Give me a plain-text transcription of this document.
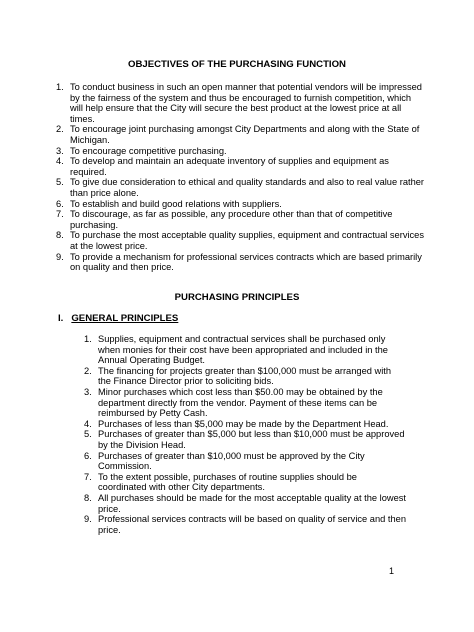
OBJECTIVES OF THE PURCHASING FUNCTION
1. To conduct business in such an open manner that potential vendors will be impressed by the fairness of the system and thus be encouraged to furnish competition, which will help ensure that the City will secure the best product at the lowest price at all times.
2. To encourage joint purchasing amongst City Departments and along with the State of Michigan.
3. To encourage competitive purchasing.
4. To develop and maintain an adequate inventory of supplies and equipment as required.
5. To give due consideration to ethical and quality standards and also to real value rather than price alone.
6. To establish and build good relations with suppliers.
7. To discourage, as far as possible, any procedure other than that of competitive purchasing.
8. To purchase the most acceptable quality supplies, equipment and contractual services at the lowest price.
9. To provide a mechanism for professional services contracts which are based primarily on quality and then price.
PURCHASING PRINCIPLES
I. GENERAL PRINCIPLES
1. Supplies, equipment and contractual services shall be purchased only when monies for their cost have been appropriated and included in the Annual Operating Budget.
2. The financing for projects greater than $100,000 must be arranged with the Finance Director prior to soliciting bids.
3. Minor purchases which cost less than $50.00 may be obtained by the department directly from the vendor. Payment of these items can be reimbursed by Petty Cash.
4. Purchases of less than $5,000 may be made by the Department Head.
5. Purchases of greater than $5,000 but less than $10,000 must be approved by the Division Head.
6. Purchases of greater than $10,000 must be approved by the City Commission.
7. To the extent possible, purchases of routine supplies should be coordinated with other City departments.
8. All purchases should be made for the most acceptable quality at the lowest price.
9. Professional services contracts will be based on quality of service and then price.
1
